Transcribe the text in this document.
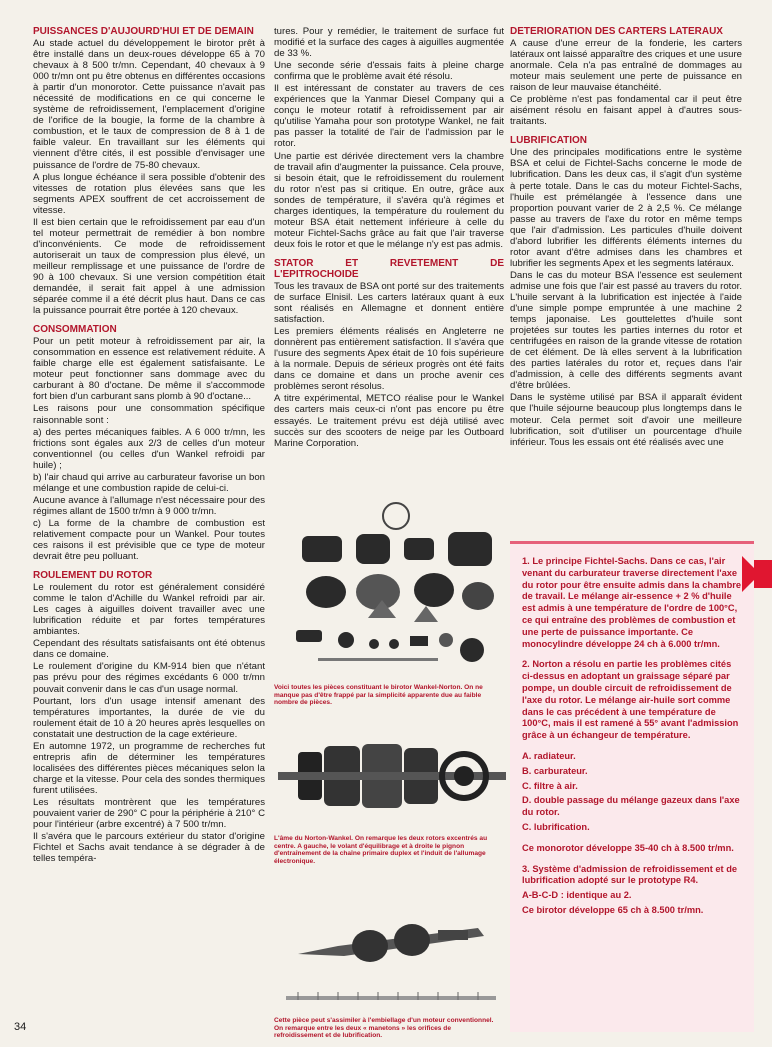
PUISSANCES D'AUJOURD'HUI ET DE DEMAIN

Au stade actuel du développement le birotor prêt à être installé dans un deux-roues développe 65 à 70 chevaux à 8 500 tr/mn. Cependant, 40 chevaux à 9 000 tr/mn ont pu être obtenus en différentes occasions à partir d'un monorotor. Cette puissance n'avait pas nécessité de modifications en ce qui concerne le système de refroidissement, l'emplacement d'origine de l'orifice de la bougie, la forme de la chambre à combustion, et le taux de compression de 8 à 1 de faible valeur. En travaillant sur les éléments qui viennent d'être cités, il est possible d'envisager une puissance de l'ordre de 75-80 chevaux.

A plus longue échéance il sera possible d'obtenir des vitesses de rotation plus élevées sans que les segments APEX souffrent de cet accroissement de vitesse.

Il est bien certain que le refroidissement par eau d'un tel moteur permettrait de remédier à bon nombre d'inconvénients. Ce mode de refroidissement autoriserait un taux de compression plus élevé, un meilleur remplissage et une puissance de l'ordre de 90 à 100 chevaux. Si une version compétition était demandée, il serait fait appel à une admission séparée comme il a été décrit plus haut. Dans ce cas la puissance pourrait être portée à 120 chevaux.

CONSOMMATION

Pour un petit moteur à refroidissement par air, la consommation en essence est relativement réduite. A faible charge elle est également satisfaisante. Le moteur peut fonctionner sans dommage avec du carburant à 80 d'octane. De même il s'accommode fort bien d'un carburant sans plomb à 90 d'octane...

Les raisons pour une consommation spécifique raisonnable sont :

a) des pertes mécaniques faibles. A 6 000 tr/mn, les frictions sont égales aux 2/3 de celles d'un moteur conventionnel (ou celles d'un Wankel refroidi par huile) ;

b) l'air chaud qui arrive au carburateur favorise un bon mélange et une combustion rapide de celui-ci.

Aucune avance à l'allumage n'est nécessaire pour des régimes allant de 1500 tr/mn à 9 000 tr/mn.

c) La forme de la chambre de combustion est relativement compacte pour un Wankel. Pour toutes ces raisons il est prévisible que ce type de moteur devrait être peu polluant.

ROULEMENT DU ROTOR

Le roulement du rotor est généralement considéré comme le talon d'Achille du Wankel refroidi par air. Les cages à aiguilles doivent travailler avec une lubrification réduite et par fortes températures ambiantes.

Cependant des résultats satisfaisants ont été obtenus dans ce domaine.

Le roulement d'origine du KM-914 bien que n'étant pas prévu pour des régimes excédants 6 000 tr/mn pouvait convenir dans le cas d'un usage normal.

Pourtant, lors d'un usage intensif amenant des températures importantes, la durée de vie du roulement était de 10 à 20 heures après lesquelles on constatait une destruction de la cage extérieure.

En automne 1972, un programme de recherches fut entrepris afin de déterminer les températures localisées des différentes pièces mécaniques selon la charge et la vitesse. Pour cela des sondes thermiques furent utilisées.

Les résultats montrèrent que les températures pouvaient varier de 290° C pour la périphérie à 210° C pour l'intérieur (arbre excentré) à 7 500 tr/mn.

Il s'avéra que le parcours extérieur du stator d'origine Fichtel et Sachs avait tendance à se dégrader à de telles tempéra-

34

tures. Pour y remédier, le traitement de surface fut modifié et la surface des cages à aiguilles augmentée de 33 %.

Une seconde série d'essais faits à pleine charge confirma que le problème avait été résolu.

Il est intéressant de constater au travers de ces expériences que la Yanmar Diesel Company qui a conçu le moteur rotatif à refroidissement par air qu'utilise Yamaha pour son prototype Wankel, ne fait pas passer la totalité de l'air de l'admission par le rotor.

Une partie est dérivée directement vers la chambre de travail afin d'augmenter la puissance. Cela prouve, si besoin était, que le refroidissement du roulement du rotor n'est pas si critique. En outre, grâce aux sondes de température, il s'avéra qu'à régimes et charges identiques, la température du roulement du moteur BSA était nettement inférieure à celle du moteur Fichtel-Sachs grâce au fait que l'air traverse deux fois le rotor et que le mélange n'y est pas admis.

STATOR ET REVETEMENT DE L'EPITROCHOIDE

Tous les travaux de BSA ont porté sur des traitements de surface Elnisil. Les carters latéraux quant à eux sont réalisés en Allemagne et donnent entière satisfaction.

Les premiers éléments réalisés en Angleterre ne donnèrent pas entièrement satisfaction. Il s'avéra que l'usure des segments Apex était de 10 fois supérieure à la normale. Depuis de sérieux progrès ont été faits dans ce domaine et dans un proche avenir ces problèmes seront résolus.

A titre expérimental, METCO réalise pour le Wankel des carters mais ceux-ci n'ont pas encore pu être essayés. Le traitement prévu est déjà utilisé avec succès sur des scooters de neige par les Outboard Marine Corporation.

Voici toutes les pièces constituant le birotor Wankel-Norton. On ne manque pas d'être frappé par la simplicité apparente due au faible nombre de pièces.
L'âme du Norton-Wankel. On remarque les deux rotors excentrés au centre. A gauche, le volant d'équilibrage et à droite le pignon d'entraînement de la chaîne primaire duplex et l'induit de l'allumage électronique.
Cette pièce peut s'assimiler à l'embiellage d'un moteur conventionnel. On remarque entre les deux « manetons » les orifices de refroidissement et de lubrification.
DETERIORATION DES CARTERS LATERAUX

A cause d'une erreur de la fonderie, les carters latéraux ont laissé apparaître des criques et une usure anormale. Cela n'a pas entraîné de dommages au moteur mais seulement une perte de puissance en raison de leur mauvaise étanchéité.

Ce problème n'est pas fondamental car il peut être aisément résolu en faisant appel à d'autres sous-traitants.

LUBRIFICATION

Une des principales modifications entre le système BSA et celui de Fichtel-Sachs concerne le mode de lubrification. Dans les deux cas, il s'agit d'un système à perte totale. Dans le cas du moteur Fichtel-Sachs, l'huile est prémélangée à l'essence dans une proportion pouvant varier de 2 à 2,5 %. Ce mélange passe au travers de l'axe du rotor en même temps que l'air d'admission. Les particules d'huile doivent d'abord lubrifier les différents éléments internes du rotor avant d'être admises dans les chambres et lubrifier les segments Apex et les segments latéraux.

Dans le cas du moteur BSA l'essence est seulement admise une fois que l'air est passé au travers du rotor. L'huile servant à la lubrification est injectée à l'aide d'une simple pompe empruntée à une machine 2 temps japonaise. Les gouttelettes d'huile sont projetées sur toutes les parties internes du rotor et centrifugées en raison de la grande vitesse de rotation de cet élément. De là elles servent à la lubrification des parties latérales du rotor et, reçues dans l'air d'admission, à celle des différents segments avant d'être brûlées.

Dans le système utilisé par BSA il apparaît évident que l'huile séjourne beaucoup plus longtemps dans le moteur. Cela permet soit d'avoir une meilleure lubrification, soit d'utiliser un pourcentage d'huile inférieur. Tous les essais ont été réalisés avec une

1. Le principe Fichtel-Sachs. Dans ce cas, l'air venant du carburateur traverse directement l'axe du rotor pour être ensuite admis dans la chambre de travail. Le mélange air-essence + 2 % d'huile est admis à une température de l'ordre de 100°C, ce qui entraîne des problèmes de combustion et une perte de puissance importante. Ce monocylindre développe 24 ch à 6.000 tr/mn.

2. Norton a résolu en partie les problèmes cités ci-dessus en adoptant un graissage séparé par pompe, un double circuit de refroidissement de l'axe du rotor. Le mélange air-huile sort comme dans le cas précédent à une température de 100°C, mais il est ramené à 55° avant l'admission grâce à un échangeur de température.

A. radiateur.
B. carburateur.
C. filtre à air.
D. double passage du mélange gazeux dans l'axe du rotor.

C. lubrification.

Ce monorotor développe 35-40 ch à 8.500 tr/mn.

3. Système d'admission de refroidissement et de lubrification adopté sur le prototype R4.

A-B-C-D : identique au 2.
Ce birotor développe 65 ch à 8.500 tr/mn.
